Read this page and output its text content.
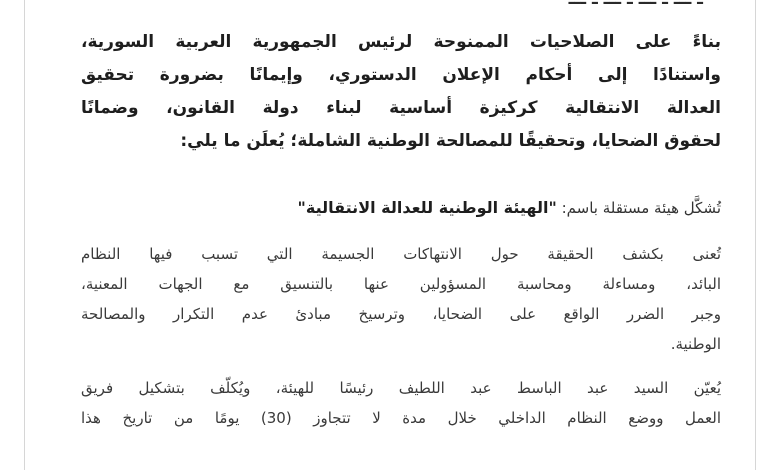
بناءً على الصلاحيات الممنوحة لرئيس الجمهورية العربية السورية،
واستنادًا إلى أحكام الإعلان الدستوري، وإيمانًا بضرورة تحقيق
العدالة الانتقالية كركيزة أساسية لبناء دولة القانون، وضمانًا
لحقوق الضحايا، وتحقيقًا للمصالحة الوطنية الشاملة؛ يُعلَن ما يلي:

تُشكَّل هيئة مستقلة باسم: "الهيئة الوطنية للعدالة الانتقالية"

تُعنى بكشف الحقيقة حول الانتهاكات الجسيمة التي تسبب فيها النظام
البائد، ومساءلة ومحاسبة المسؤولين عنها بالتنسيق مع الجهات المعنية،
وجبر الضرر الواقع على الضحايا، وترسيخ مبادئ عدم التكرار والمصالحة
الوطنية.

يُعيّن السيد عبد الباسط عبد اللطيف رئيسًا للهيئة، ويُكلّف بتشكيل فريق
العمل ووضع النظام الداخلي خلال مدة لا تتجاوز (30) يومًا من تاريخ هذا
